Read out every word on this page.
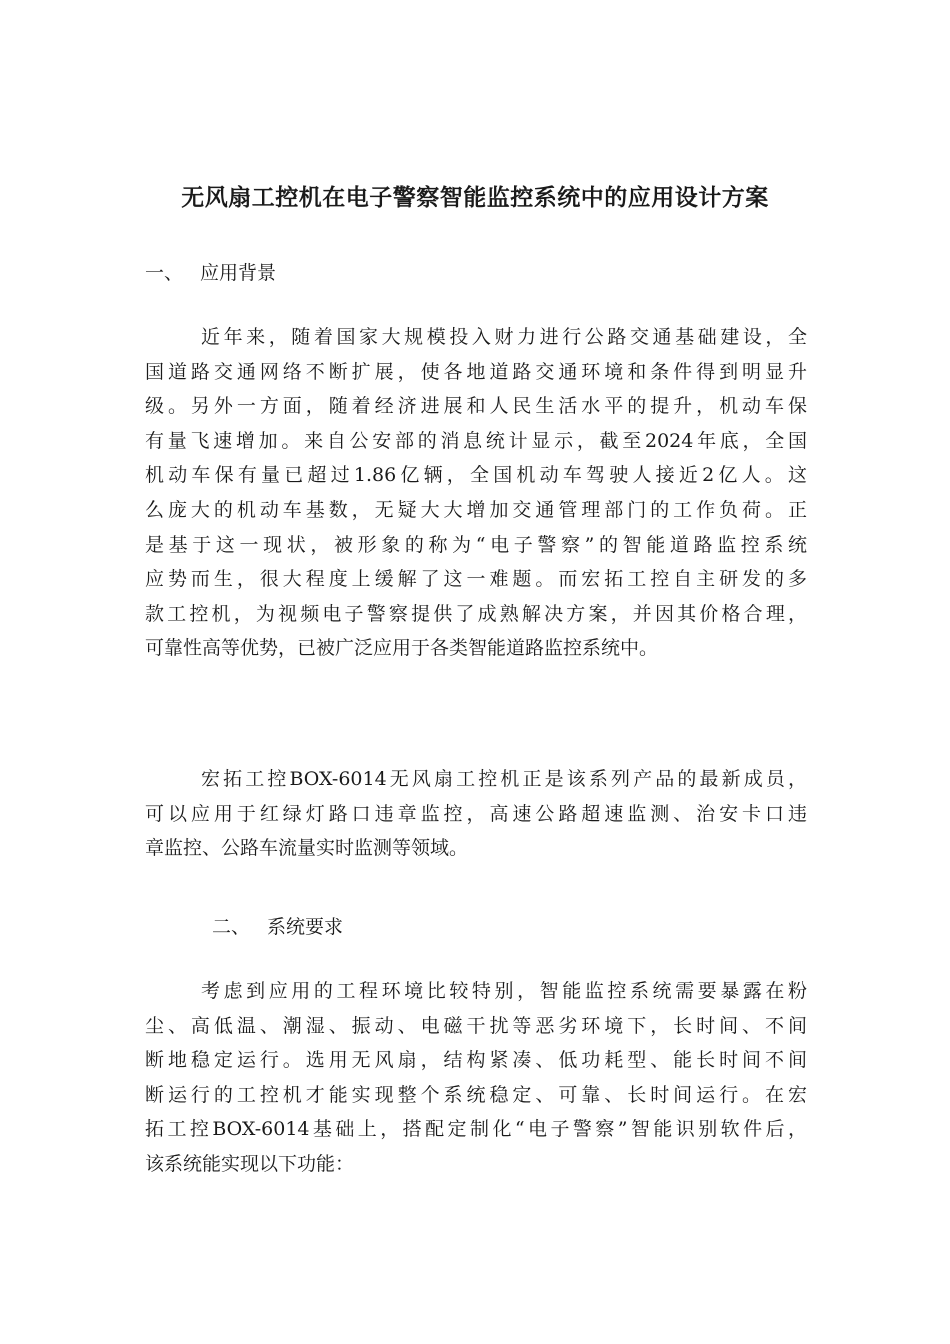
无风扇工控机在电子警察智能监控系统中的应用设计方案
一、 应用背景
近年来，随着国家大规模投入财力进行公路交通基础建设，全
国道路交通网络不断扩展，使各地道路交通环境和条件得到明显升
级。另外一方面，随着经济进展和人民生活水平的提升，机动车保
有量飞速增加。来自公安部的消息统计显示，截至2024年底，全国
机动车保有量已超过1.86亿辆，全国机动车驾驶人接近2亿人。这
么庞大的机动车基数，无疑大大增加交通管理部门的工作负荷。正
是基于这一现状，被形象的称为“电子警察”的智能道路监控系统
应势而生，很大程度上缓解了这一难题。而宏拓工控自主研发的多
款工控机，为视频电子警察提供了成熟解决方案，并因其价格合理，
可靠性高等优势，已被广泛应用于各类智能道路监控系统中。
宏拓工控BOX-6014无风扇工控机正是该系列产品的最新成员，
可以应用于红绿灯路口违章监控，高速公路超速监测、治安卡口违
章监控、公路车流量实时监测等领域。
二、 系统要求
考虑到应用的工程环境比较特别，智能监控系统需要暴露在粉
尘、高低温、潮湿、振动、电磁干扰等恶劣环境下，长时间、不间
断地稳定运行。选用无风扇，结构紧凑、低功耗型、能长时间不间
断运行的工控机才能实现整个系统稳定、可靠、长时间运行。在宏
拓工控BOX-6014基础上，搭配定制化“电子警察”智能识别软件后，
该系统能实现以下功能：
